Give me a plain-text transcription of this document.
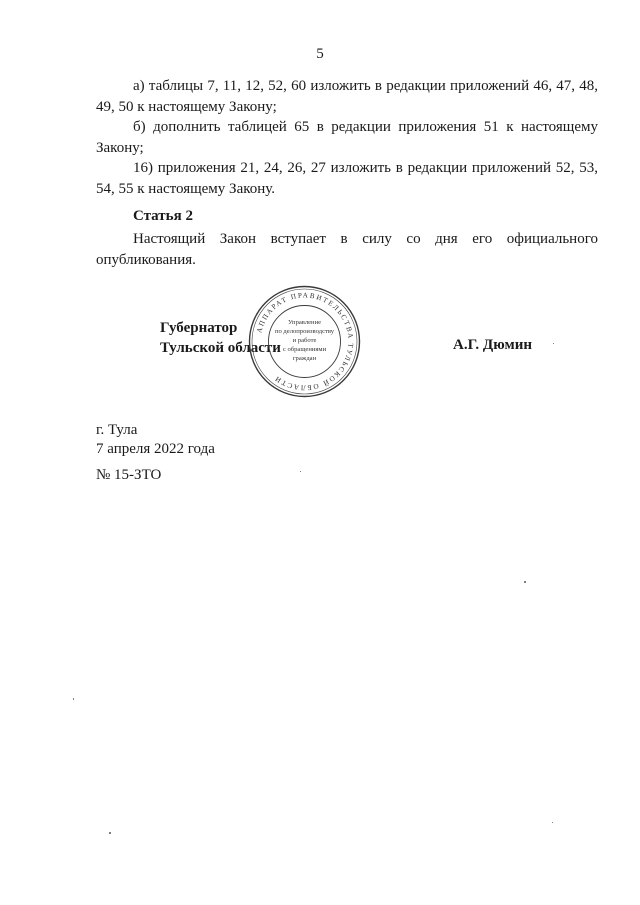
5

а) таблицы 7, 11, 12, 52, 60 изложить в редакции приложений 46, 47, 48, 49, 50 к настоящему Закону;

б) дополнить таблицей 65 в редакции приложения 51 к настоящему Закону;

16) приложения 21, 24, 26, 27 изложить в редакции приложений 52, 53, 54, 55 к настоящему Закону.

Статья 2

Настоящий Закон вступает в силу со дня его официального опубликования.

Губернатор
Тульской области	А.Г. Дюмин
АППАРАТ ПРАВИТЕЛЬСТВА ТУЛЬСКОЙ ОБЛАСТИ
Управление
по делопроизводству
и работе
с обращениями
граждан
г. Тула
7 апреля 2022 года
№ 15-ЗТО
